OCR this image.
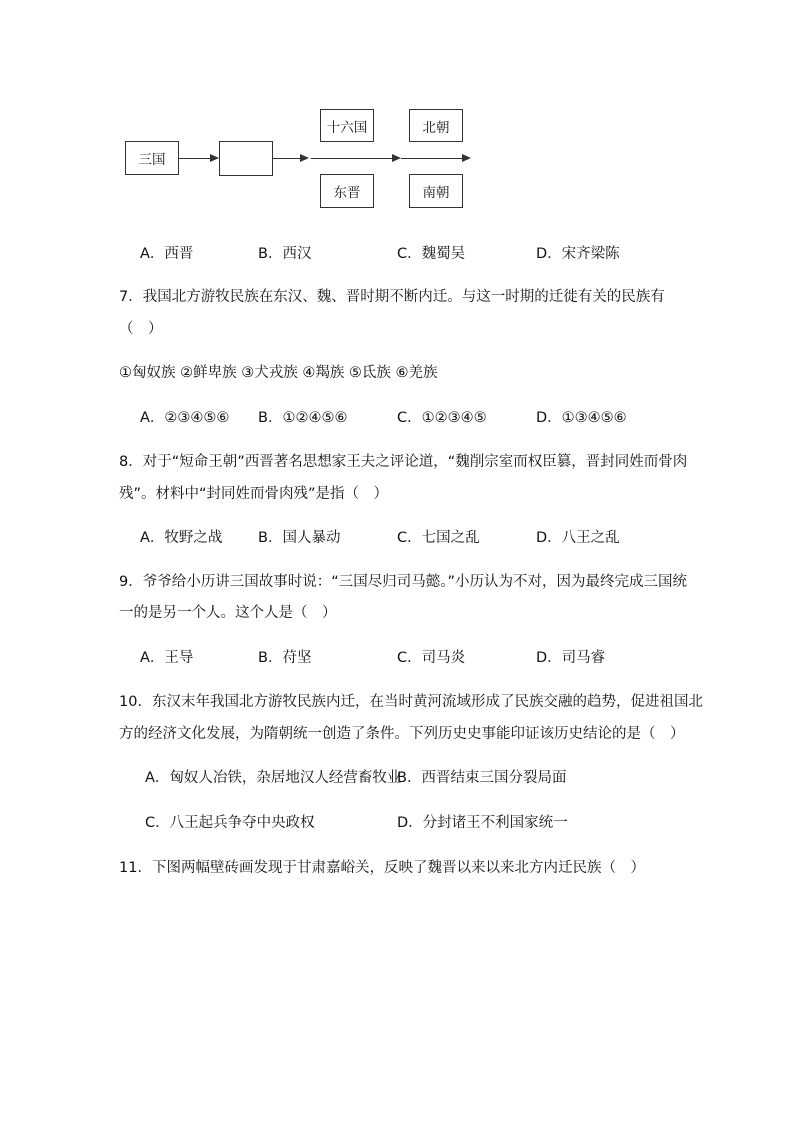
三国
十六国
东晋
北朝
南朝
A．西晋	B．西汉	C．魏蜀吴	D．宋齐梁陈
7．我国北方游牧民族在东汉、魏、晋时期不断内迁。与这一时期的迁徙有关的民族有
（　）
①匈奴族 ②鲜卑族 ③犬戎族 ④羯族 ⑤氐族 ⑥羌族
A．②③④⑤⑥ B．①②④⑤⑥	C．①②③④⑤	D．①③④⑤⑥
8．对于“短命王朝”西晋著名思想家王夫之评论道，“魏削宗室而权臣篡，晋封同姓而骨肉
残”。材料中“封同姓而骨肉残”是指（　）
A．牧野之战 B．国人暴动	C．七国之乱	D．八王之乱
9．爷爷给小历讲三国故事时说：“三国尽归司马懿。”小历认为不对，因为最终完成三国统
一的是另一个人。这个人是（　）
A．王导	B．苻坚	C．司马炎	D．司马睿
10．东汉末年我国北方游牧民族内迁，在当时黄河流域形成了民族交融的趋势，促进祖国北
方的经济文化发展，为隋朝统一创造了条件。下列历史史事能印证该历史结论的是（　）
A．匈奴人冶铁，杂居地汉人经营畜牧业
B．西晋结束三国分裂局面
C．八王起兵争夺中央政权	D．分封诸王不利国家统一
11．下图两幅壁砖画发现于甘肃嘉峪关，反映了魏晋以来以来北方内迁民族（　）
